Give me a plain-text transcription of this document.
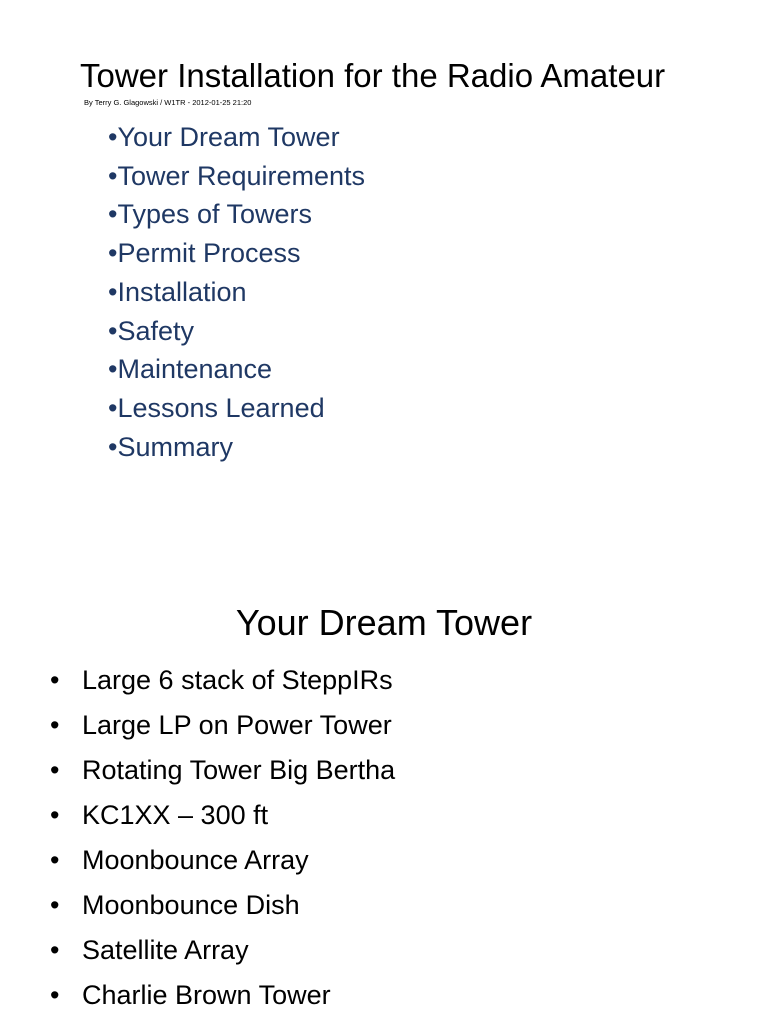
Tower Installation for the Radio Amateur
By Terry G. Glagowski / W1TR - 2012-01-25 21:20
•Your Dream Tower
•Tower Requirements
•Types of Towers
•Permit Process
•Installation
•Safety
•Maintenance
•Lessons Learned
•Summary
Your Dream Tower
• Large 6 stack of SteppIRs
• Large LP on Power Tower
• Rotating Tower Big Bertha
• KC1XX – 300 ft
• Moonbounce Array
• Moonbounce Dish
• Satellite Array
• Charlie Brown Tower
